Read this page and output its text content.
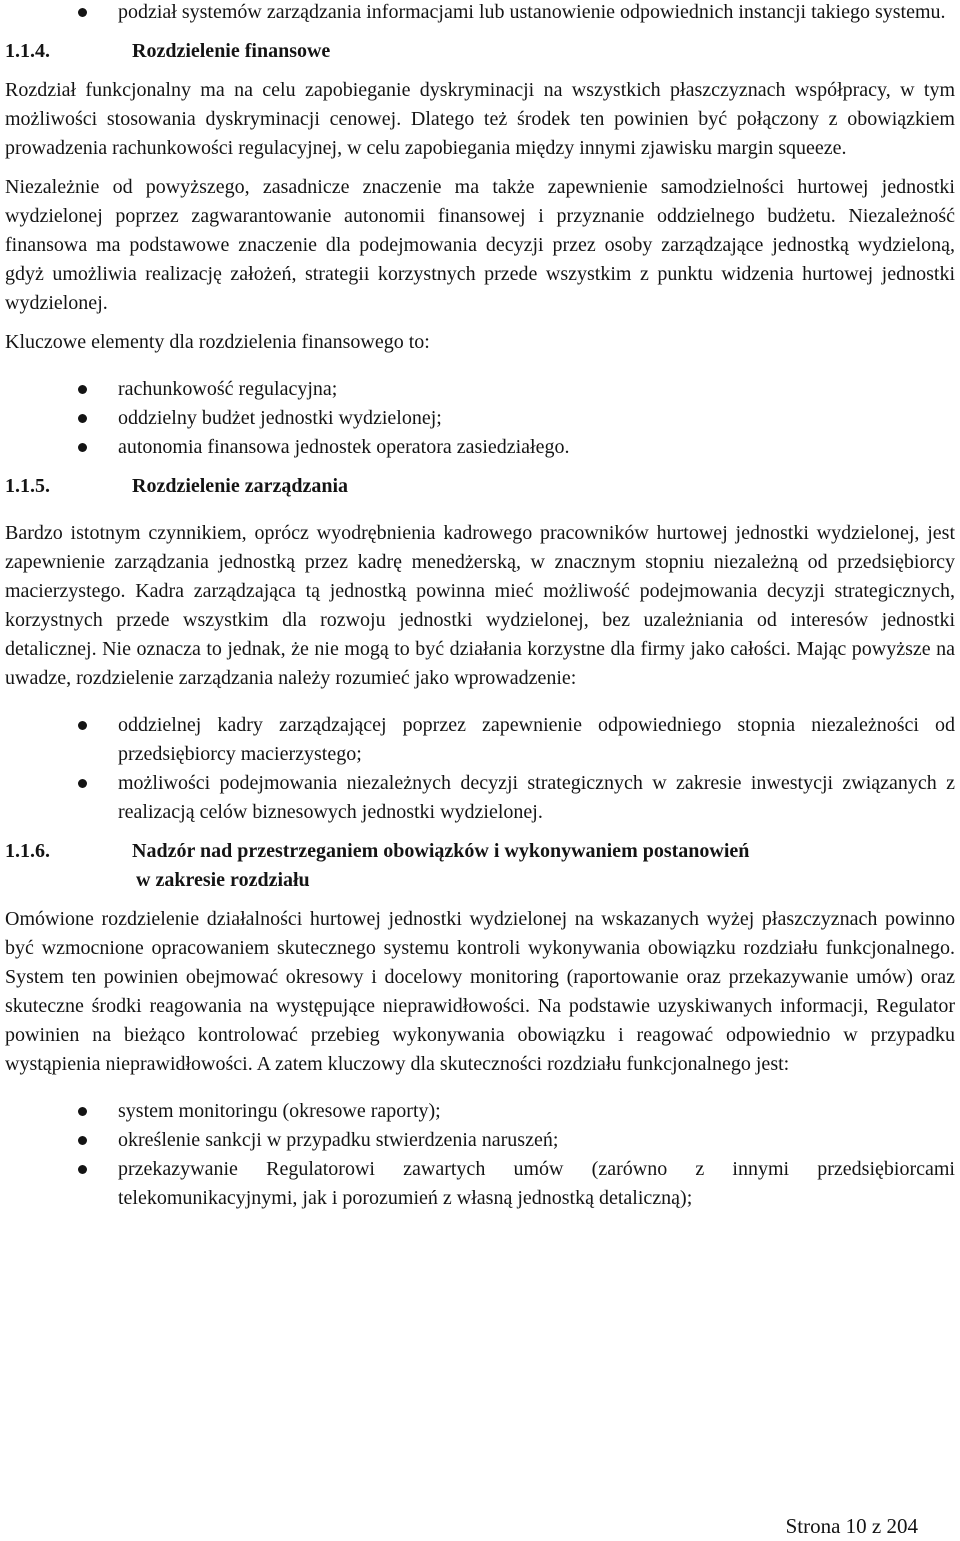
podział systemów zarządzania informacjami lub ustanowienie odpowiednich instancji takiego systemu.
1.1.4.	Rozdzielenie finansowe

Rozdział funkcjonalny ma na celu zapobieganie dyskryminacji na wszystkich płaszczyznach współpracy, w tym możliwości stosowania dyskryminacji cenowej. Dlatego też środek ten powinien być połączony z obowiązkiem prowadzenia rachunkowości regulacyjnej, w celu zapobiegania między innymi zjawisku margin squeeze.

Niezależnie od powyższego, zasadnicze znaczenie ma także zapewnienie samodzielności hurtowej jednostki wydzielonej poprzez zagwarantowanie autonomii finansowej i przyznanie oddzielnego budżetu. Niezależność finansowa ma podstawowe znaczenie dla podejmowania decyzji przez osoby zarządzające jednostką wydzieloną, gdyż umożliwia realizację założeń, strategii korzystnych przede wszystkim z punktu widzenia hurtowej jednostki wydzielonej.

Kluczowe elementy dla rozdzielenia finansowego to:

rachunkowość regulacyjna;
oddzielny budżet jednostki wydzielonej;
autonomia finansowa jednostek operatora zasiedziałego.
1.1.5.	Rozdzielenie zarządzania

Bardzo istotnym czynnikiem, oprócz wyodrębnienia kadrowego pracowników hurtowej jednostki wydzielonej, jest zapewnienie zarządzania jednostką przez kadrę menedżerską, w znacznym stopniu niezależną od przedsiębiorcy macierzystego. Kadra zarządzająca tą jednostką powinna mieć możliwość podejmowania decyzji strategicznych, korzystnych przede wszystkim dla rozwoju jednostki wydzielonej, bez uzależniania od interesów jednostki detalicznej. Nie oznacza to jednak, że nie mogą to być działania korzystne dla firmy jako całości. Mając powyższe na uwadze, rozdzielenie zarządzania należy rozumieć jako wprowadzenie:

oddzielnej kadry zarządzającej poprzez zapewnienie odpowiedniego stopnia niezależności od przedsiębiorcy macierzystego;
możliwości podejmowania niezależnych decyzji strategicznych w zakresie inwestycji związanych z realizacją celów biznesowych jednostki wydzielonej.
1.1.6.	Nadzór nad przestrzeganiem obowiązków i wykonywaniem postanowień
w zakresie rozdziału

Omówione rozdzielenie działalności hurtowej jednostki wydzielonej na wskazanych wyżej płaszczyznach powinno być wzmocnione opracowaniem skutecznego systemu kontroli wykonywania obowiązku rozdziału funkcjonalnego. System ten powinien obejmować okresowy i docelowy monitoring (raportowanie oraz przekazywanie umów) oraz skuteczne środki reagowania na występujące nieprawidłowości. Na podstawie uzyskiwanych informacji, Regulator powinien na bieżąco kontrolować przebieg wykonywania obowiązku i reagować odpowiednio w przypadku wystąpienia nieprawidłowości. A zatem kluczowy dla skuteczności rozdziału funkcjonalnego jest:

system monitoringu (okresowe raporty);
określenie sankcji w przypadku stwierdzenia naruszeń;
przekazywanie Regulatorowi zawartych umów (zarówno z innymi przedsiębiorcami telekomunikacyjnymi, jak i porozumień z własną jednostką detaliczną);
Strona 10 z 204
